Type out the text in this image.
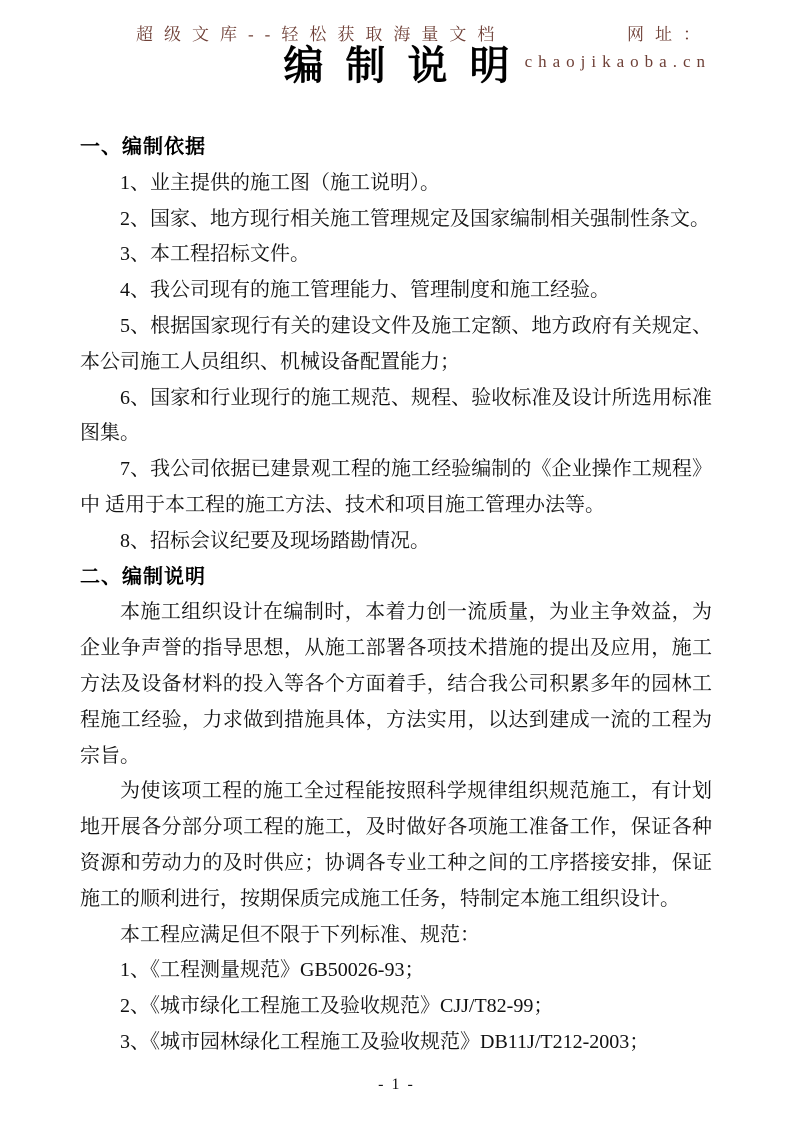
超级文库--轻松获取海量文档	网址：
chaojikaoba.cn
编制说明
一、编制依据

1、业主提供的施工图（施工说明）。

2、国家、地方现行相关施工管理规定及国家编制相关强制性条文。

3、本工程招标文件。

4、我公司现有的施工管理能力、管理制度和施工经验。

5、根据国家现行有关的建设文件及施工定额、地方政府有关规定、 本公司施工人员组织、机械设备配置能力；

6、国家和行业现行的施工规范、规程、验收标准及设计所选用标准图集。

7、我公司依据已建景观工程的施工经验编制的《企业操作工规程》中 适用于本工程的施工方法、技术和项目施工管理办法等。

8、招标会议纪要及现场踏勘情况。

二、编制说明

本施工组织设计在编制时，本着力创一流质量，为业主争效益，为企业争声誉的指导思想，从施工部署各项技术措施的提出及应用，施工方法及设备材料的投入等各个方面着手，结合我公司积累多年的园林工程施工经验，力求做到措施具体，方法实用，以达到建成一流的工程为宗旨。

为使该项工程的施工全过程能按照科学规律组织规范施工，有计划地开展各分部分项工程的施工，及时做好各项施工准备工作，保证各种资源和劳动力的及时供应；协调各专业工种之间的工序搭接安排，保证施工的顺利进行，按期保质完成施工任务，特制定本施工组织设计。

本工程应满足但不限于下列标准、规范：

1、《工程测量规范》GB50026-93；

2、《城市绿化工程施工及验收规范》CJJ/T82-99；

3、《城市园林绿化工程施工及验收规范》DB11J/T212-2003；

- 1 -
